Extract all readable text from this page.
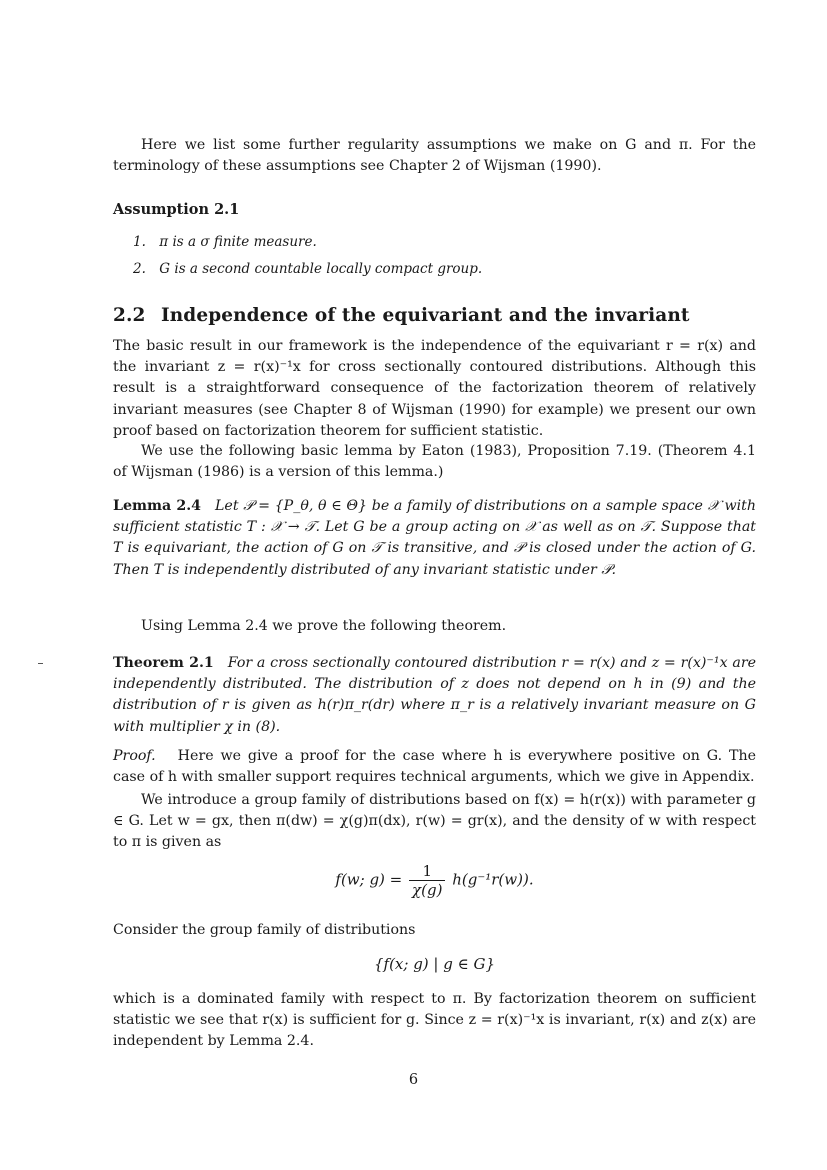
Here we list some further regularity assumptions we make on G and π. For the terminology of these assumptions see Chapter 2 of Wijsman (1990).
Assumption 2.1
1. π is a σ finite measure.
2. G is a second countable locally compact group.
2.2 Independence of the equivariant and the invariant
The basic result in our framework is the independence of the equivariant r = r(x) and the invariant z = r(x)⁻¹x for cross sectionally contoured distributions. Although this result is a straightforward consequence of the factorization theorem of relatively invariant measures (see Chapter 8 of Wijsman (1990) for example) we present our own proof based on factorization theorem for sufficient statistic.
We use the following basic lemma by Eaton (1983), Proposition 7.19. (Theorem 4.1 of Wijsman (1986) is a version of this lemma.)
Lemma 2.4 Let 𝒫 = {P_θ, θ ∈ Θ} be a family of distributions on a sample space 𝒳 with sufficient statistic T : 𝒳 → 𝒯. Let G be a group acting on 𝒳 as well as on 𝒯. Suppose that T is equivariant, the action of G on 𝒯 is transitive, and 𝒫 is closed under the action of G. Then T is independently distributed of any invariant statistic under 𝒫.
Using Lemma 2.4 we prove the following theorem.
Theorem 2.1 For a cross sectionally contoured distribution r = r(x) and z = r(x)⁻¹x are independently distributed. The distribution of z does not depend on h in (9) and the distribution of r is given as h(r)π_r(dr) where π_r is a relatively invariant measure on G with multiplier χ in (8).
Proof. Here we give a proof for the case where h is everywhere positive on G. The case of h with smaller support requires technical arguments, which we give in Appendix.
We introduce a group family of distributions based on f(x) = h(r(x)) with parameter g ∈ G. Let w = gx, then π(dw) = χ(g)π(dx), r(w) = gr(x), and the density of w with respect to π is given as
f(w; $g) = \frac{1}{\chi(g)} h(g^{-1}r(w))$.
Consider the group family of distributions
{f(x; g) | g ∈ G}
which is a dominated family with respect to π. By factorization theorem on sufficient statistic we see that r(x) is sufficient for g. Since z = r(x)⁻¹x is invariant, r(x) and z(x) are independent by Lemma 2.4.
6
